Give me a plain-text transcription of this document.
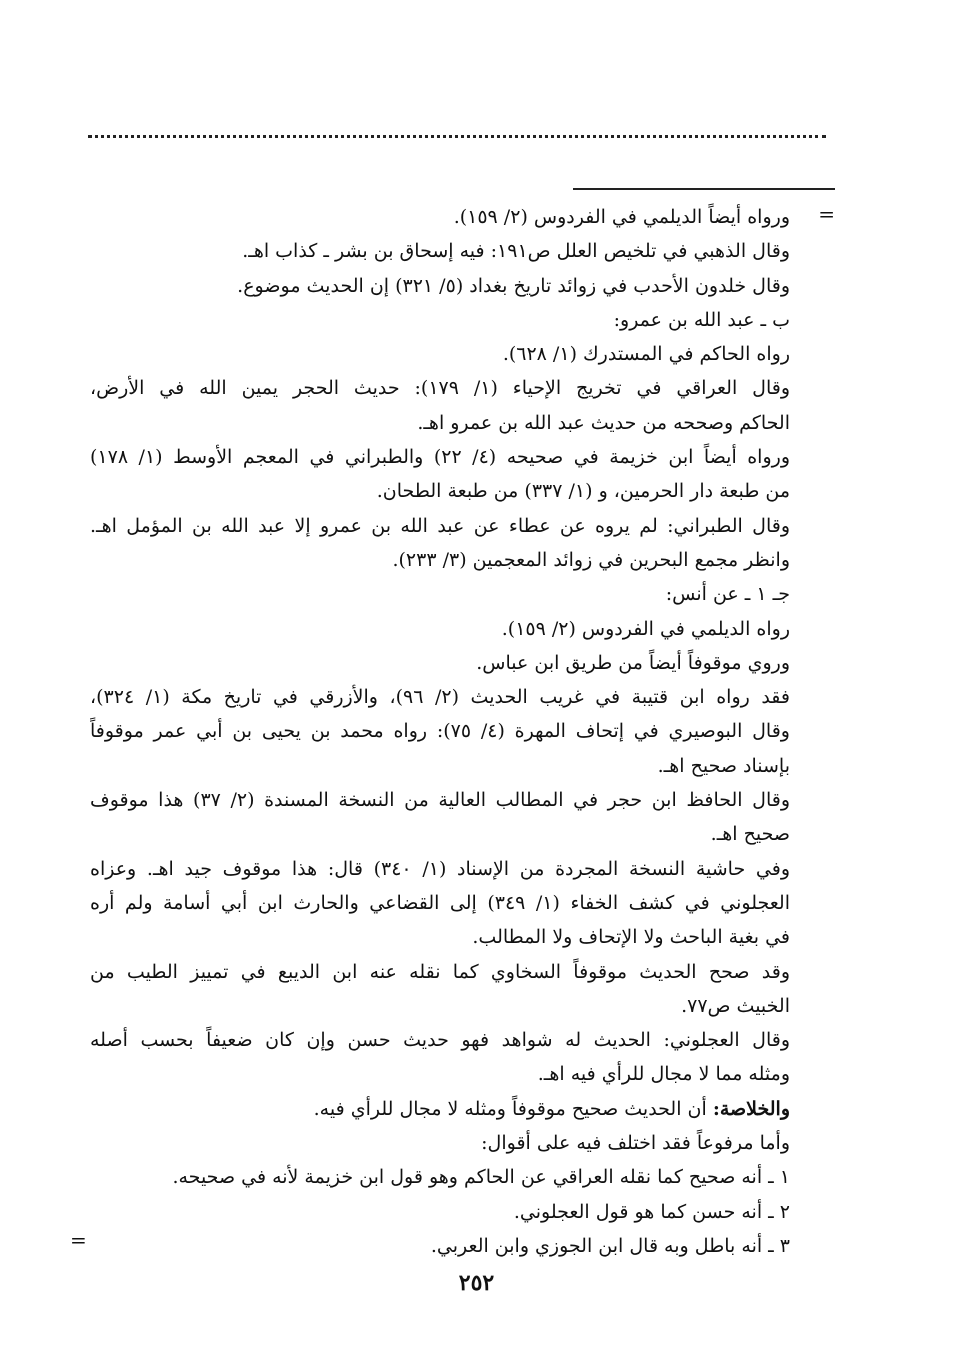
=
ورواه أيضاً الديلمي في الفردوس (٢/ ١٥٩).
وقال الذهبي في تلخيص العلل ص١٩١: فيه إسحاق بن بشر ـ كذاب اهـ.
وقال خلدون الأحدب في زوائد تاريخ بغداد (٥/ ٣٢١) إن الحديث موضوع.
ب ـ عبد الله بن عمرو:
رواه الحاكم في المستدرك (١/ ٦٢٨).
وقال العراقي في تخريج الإحياء (١/ ١٧٩): حديث الحجر يمين الله في الأرض،
الحاكم وصححه من حديث عبد الله بن عمرو اهـ.
ورواه أيضاً ابن خزيمة في صحيحه (٤/ ٢٢) والطبراني في المعجم الأوسط (١/ ١٧٨)
من طبعة دار الحرمين، و (١/ ٣٣٧) من طبعة الطحان.
وقال الطبراني: لم يروه عن عطاء عن عبد الله بن عمرو إلا عبد الله بن المؤمل اهـ.
وانظر مجمع البحرين في زوائد المعجمين (٣/ ٢٣٣).
جـ ١ ـ عن أنس:
رواه الديلمي في الفردوس (٢/ ١٥٩).
وروي موقوفاً أيضاً من طريق ابن عباس.
فقد رواه ابن قتيبة في غريب الحديث (٢/ ٩٦)، والأزرقي في تاريخ مكة (١/ ٣٢٤)،
وقال البوصيري في إتحاف المهرة (٤/ ٧٥): رواه محمد بن يحيى بن أبي عمر موقوفاً
بإسناد صحيح اهـ.
وقال الحافظ ابن حجر في المطالب العالية من النسخة المسندة (٢/ ٣٧) هذا موقوف
صحيح اهـ.
وفي حاشية النسخة المجردة من الإسناد (١/ ٣٤٠) قال: هذا موقوف جيد اهـ. وعزاه
العجلوني في كشف الخفاء (١/ ٣٤٩) إلى القضاعي والحارث ابن أبي أسامة ولم أره
في بغية الباحث ولا الإتحاف ولا المطالب.
وقد صحح الحديث موقوفاً السخاوي كما نقله عنه ابن الديبع في تمييز الطيب من
الخبيث ص٧٧.
وقال العجلوني: الحديث له شواهد فهو حديث حسن وإن كان ضعيفاً بحسب أصله
ومثله مما لا مجال للرأي فيه اهـ.
والخلاصة: أن الحديث صحيح موقوفاً ومثله لا مجال للرأي فيه.
وأما مرفوعاً فقد اختلف فيه على أقوال:
١ ـ أنه صحيح كما نقله العراقي عن الحاكم وهو قول ابن خزيمة لأنه في صحيحه.
٢ ـ أنه حسن كما هو قول العجلوني.
٣ ـ أنه باطل وبه قال ابن الجوزي وابن العربي.
=
٢٥٢
